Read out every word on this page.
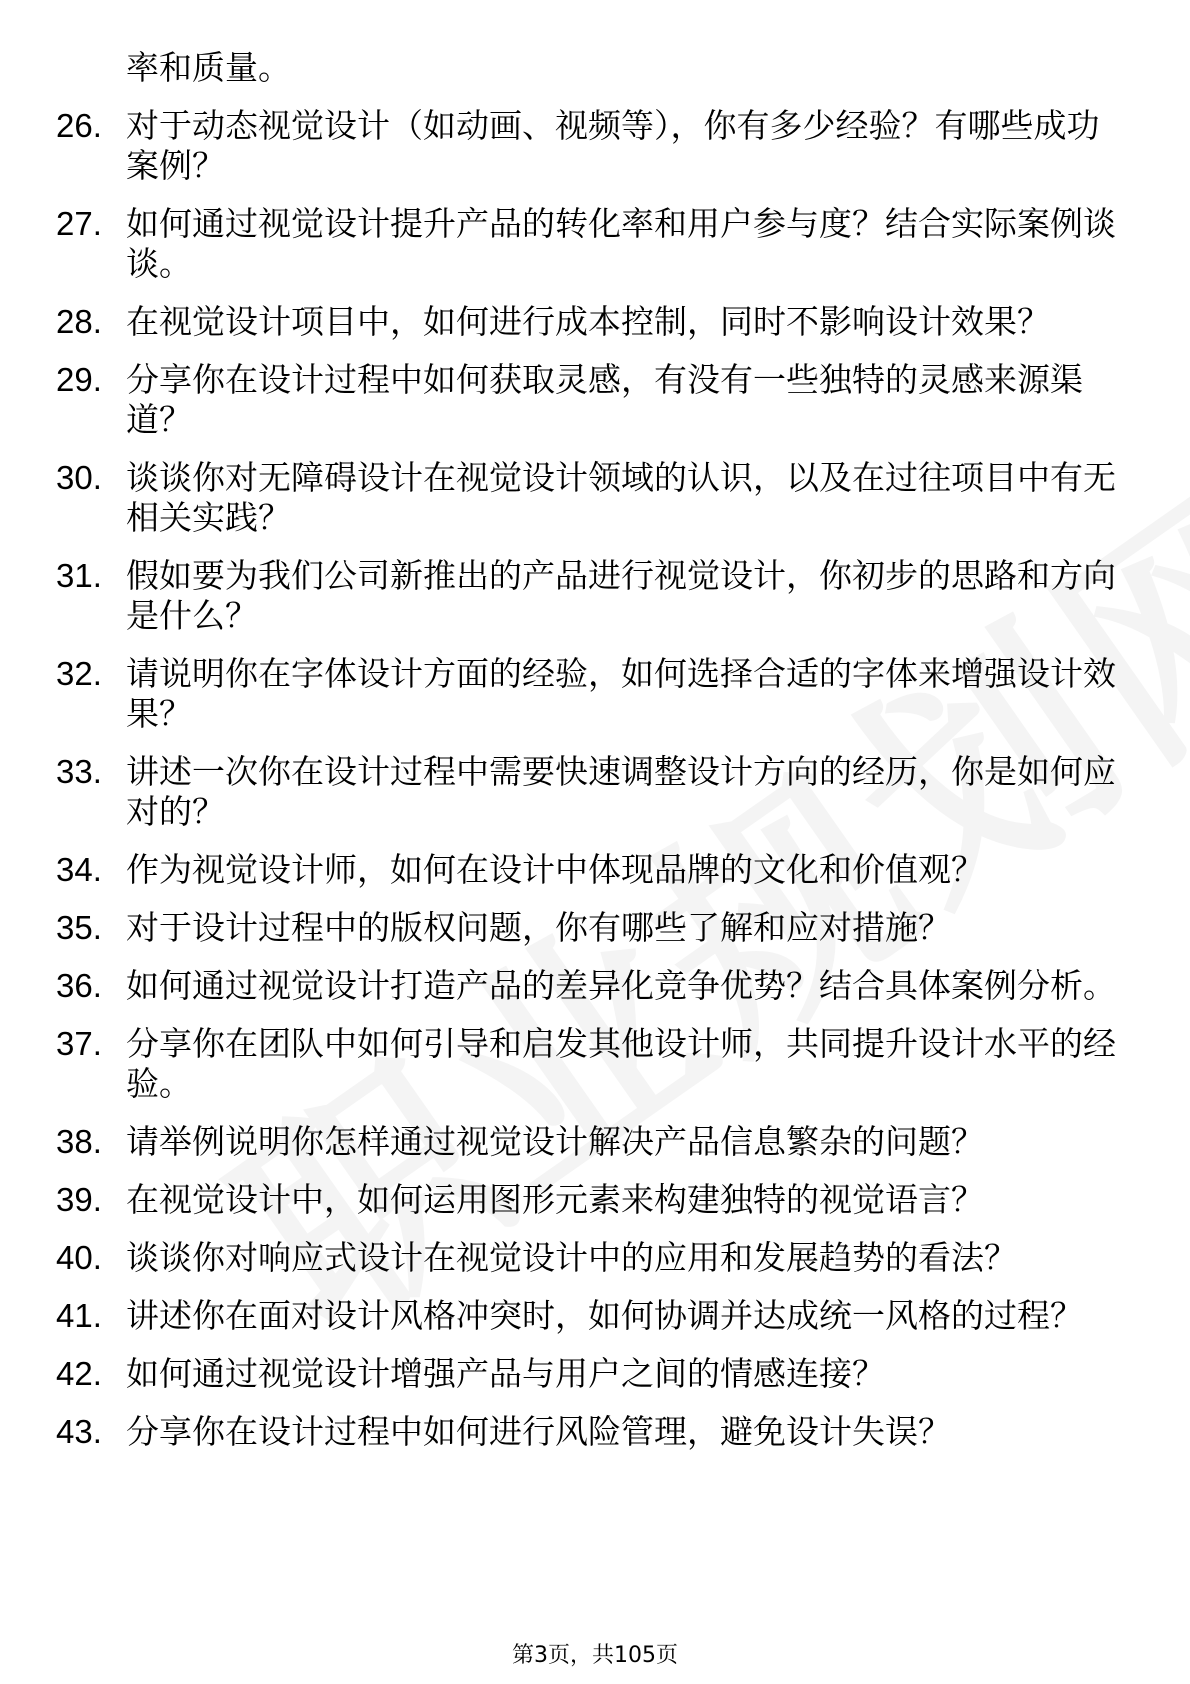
率和质量。
26. 对于动态视觉设计（如动画、视频等），你有多少经验？有哪些成功案例？
27. 如何通过视觉设计提升产品的转化率和用户参与度？结合实际案例谈谈。
28. 在视觉设计项目中，如何进行成本控制，同时不影响设计效果？
29. 分享你在设计过程中如何获取灵感，有没有一些独特的灵感来源渠道？
30. 谈谈你对无障碍设计在视觉设计领域的认识，以及在过往项目中有无相关实践？
31. 假如要为我们公司新推出的产品进行视觉设计，你初步的思路和方向是什么？
32. 请说明你在字体设计方面的经验，如何选择合适的字体来增强设计效果？
33. 讲述一次你在设计过程中需要快速调整设计方向的经历，你是如何应对的？
34. 作为视觉设计师，如何在设计中体现品牌的文化和价值观？
35. 对于设计过程中的版权问题，你有哪些了解和应对措施？
36. 如何通过视觉设计打造产品的差异化竞争优势？结合具体案例分析。
37. 分享你在团队中如何引导和启发其他设计师，共同提升设计水平的经验。
38. 请举例说明你怎样通过视觉设计解决产品信息繁杂的问题？
39. 在视觉设计中，如何运用图形元素来构建独特的视觉语言？
40. 谈谈你对响应式设计在视觉设计中的应用和发展趋势的看法？
41. 讲述你在面对设计风格冲突时，如何协调并达成统一风格的过程？
42. 如何通过视觉设计增强产品与用户之间的情感连接？
43. 分享你在设计过程中如何进行风险管理，避免设计失误？
第3页，共105页
